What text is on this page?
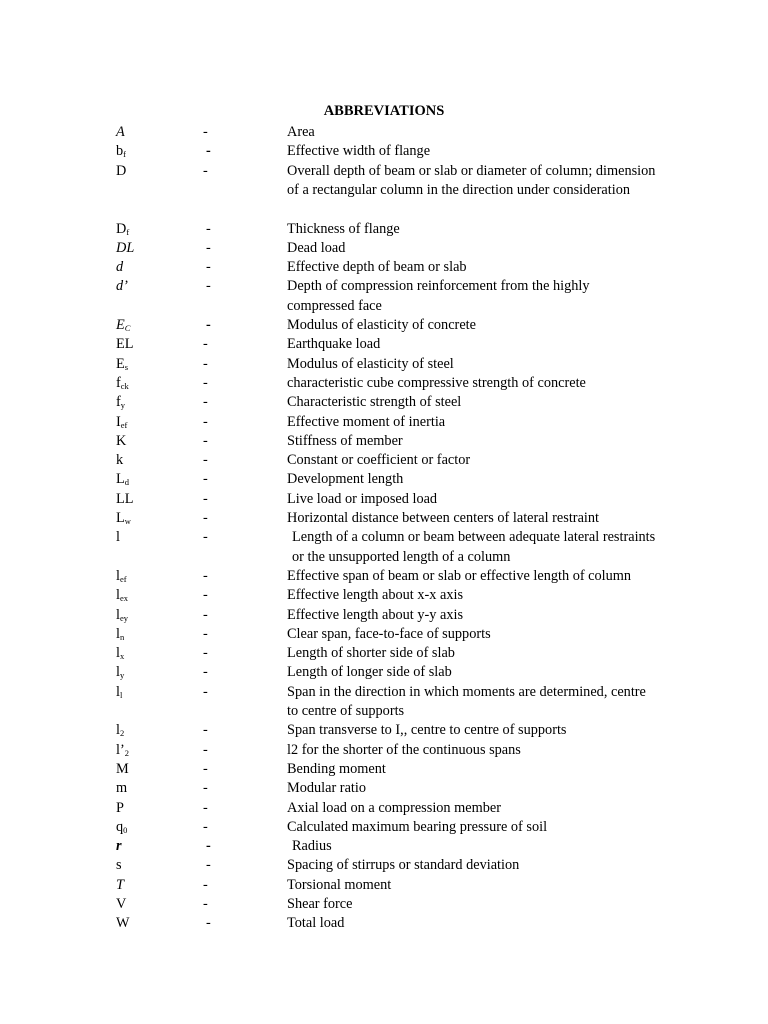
ABBREVIATIONS
A	-	Area
$b_f$	-	Effective width of flange
D	-	Overall depth of beam or slab or diameter of column; dimension of a rectangular column in the direction under consideration
$D_f$	-	Thickness of flange
DL	-	Dead load
d	-	Effective depth of beam or slab
d’	-	Depth of compression reinforcement from the highly compressed face
$E_C$	-	Modulus of elasticity of concrete
EL	-	Earthquake load
$E_s$	-	Modulus of elasticity of steel
$f_{ck}$	-	characteristic cube compressive strength of concrete
$f_y$	-	Characteristic strength of steel
$I_{ef}$	-	Effective moment of inertia
K	-	Stiffness of member
k	-	Constant or coefficient or factor
$L_d$	-	Development length
LL	-	Live load or imposed load
$L_w$	-	Horizontal distance between centers of lateral restraint
l	-	Length of a column or beam between adequate lateral restraints or the unsupported length of a column
$l_{ef}$	-	Effective span of beam or slab or effective length of column
$l_{ex}$	-	Effective length about x-x axis
$l_{ey}$	-	Effective length about y-y axis
$l_n$	-	Clear span, face-to-face of supports
$l_x$	-	Length of shorter side of slab
$l_y$	-	Length of longer side of slab
$l_l$	-	Span in the direction in which moments are determined, centre to centre of supports
$l_2$	-	Span transverse to I,, centre to centre of supports
$l’_2$	-	l2 for the shorter of the continuous spans
M	-	Bending moment
m	-	Modular ratio
P	-	Axial load on a compression member
$q_0$	-	Calculated maximum bearing pressure of soil
r	-	Radius
s	-	Spacing of stirrups or standard deviation
T	-	Torsional moment
V	-	Shear force
W	-	Total load
